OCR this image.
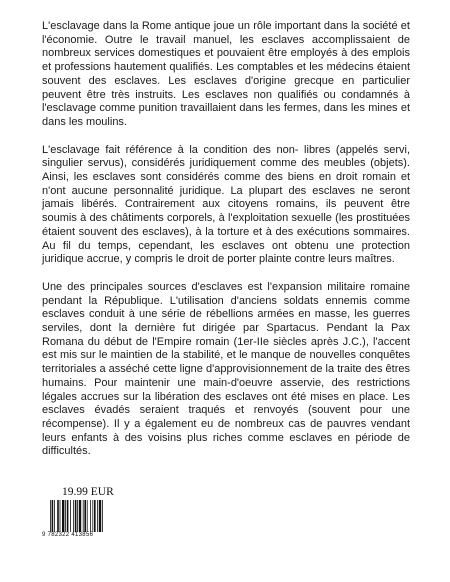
L'esclavage dans la Rome antique joue un rôle important dans la société et l'économie. Outre le travail manuel, les esclaves accomplissaient de nombreux services domestiques et pouvaient être employés à des emplois et professions hautement qualifiés. Les comptables et les médecins étaient souvent des esclaves. Les esclaves d'origine grecque en particulier peuvent être très instruits. Les esclaves non qualifiés ou condamnés à l'esclavage comme punition travaillaient dans les fermes, dans les mines et dans les moulins.

L'esclavage fait référence à la condition des non- libres (appelés servi, singulier servus), considérés juridiquement comme des meubles (objets). Ainsi, les esclaves sont considérés comme des biens en droit romain et n'ont aucune personnalité juridique. La plupart des esclaves ne seront jamais libérés. Contrairement aux citoyens romains, ils peuvent être soumis à des châtiments corporels, à l'exploitation sexuelle (les prostituées étaient souvent des esclaves), à la torture et à des exécutions sommaires. Au fil du temps, cependant, les esclaves ont obtenu une protection juridique accrue, y compris le droit de porter plainte contre leurs maîtres.

Une des principales sources d'esclaves est l'expansion militaire romaine pendant la République. L'utilisation d'anciens soldats ennemis comme esclaves conduit à une série de rébellions armées en masse, les guerres serviles, dont la dernière fut dirigée par Spartacus. Pendant la Pax Romana du début de l'Empire romain (1er-IIe siècles après J.C.), l'accent est mis sur le maintien de la stabilité, et le manque de nouvelles conquêtes territoriales a asséché cette ligne d'approvisionnement de la traite des êtres humains. Pour maintenir une main-d'oeuvre asservie, des restrictions légales accrues sur la libération des esclaves ont été mises en place. Les esclaves évadés seraient traqués et renvoyés (souvent pour une récompense). Il y a également eu de nombreux cas de pauvres vendant leurs enfants à des voisins plus riches comme esclaves en période de difficultés.

19.99 EUR
9 782322 413856
